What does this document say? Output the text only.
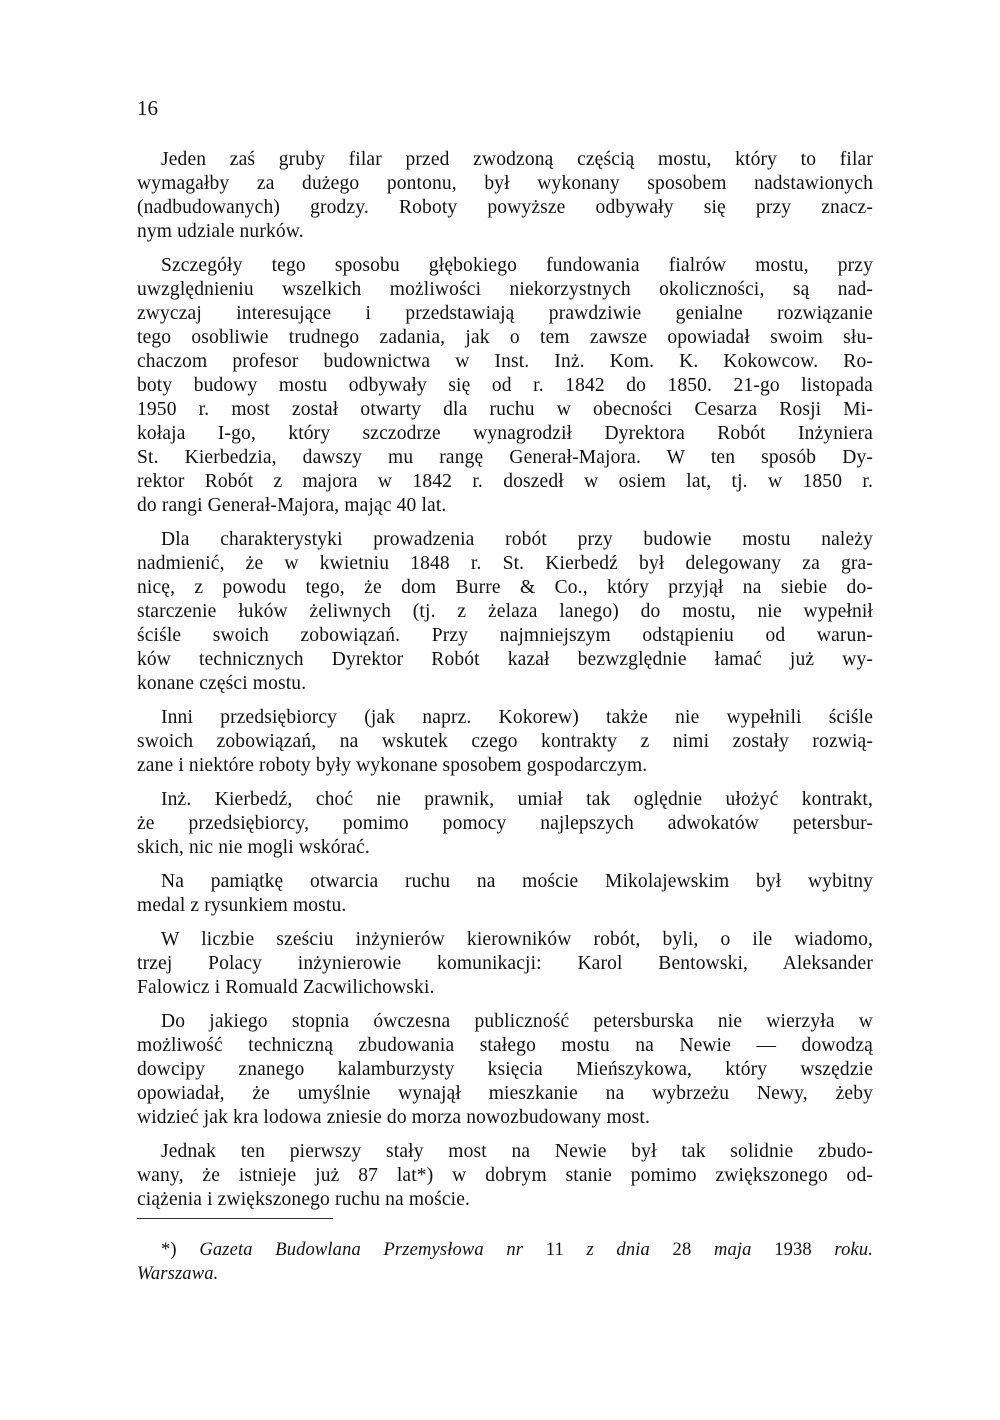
16
Jeden zaś gruby filar przed zwodzoną częścią mostu, który to filar
wymagałby za dużego pontonu, był wykonany sposobem nadstawionych
(nadbudowanych) grodzy. Roboty powyższe odbywały się przy znacz-
nym udziale nurków.
Szczegóły tego sposobu głębokiego fundowania fialrów mostu, przy
uwzględnieniu wszelkich możliwości niekorzystnych okoliczności, są nad-
zwyczaj interesujące i przedstawiają prawdziwie genialne rozwiązanie
tego osobliwie trudnego zadania, jak o tem zawsze opowiadał swoim słu-
chaczom profesor budownictwa w Inst. Inż. Kom. K. Kokowcow. Ro-
boty budowy mostu odbywały się od r. 1842 do 1850. 21-go listopada
1950 r. most został otwarty dla ruchu w obecności Cesarza Rosji Mi-
kołaja I-go, który szczodrze wynagrodził Dyrektora Robót Inżyniera
St. Kierbedzia, dawszy mu rangę Generał-Majora. W ten sposób Dy-
rektor Robót z majora w 1842 r. doszedł w osiem lat, tj. w 1850 r.
do rangi Generał-Majora, mając 40 lat.
Dla charakterystyki prowadzenia robót przy budowie mostu należy
nadmienić, że w kwietniu 1848 r. St. Kierbedź był delegowany za gra-
nicę, z powodu tego, że dom Burre & Co., który przyjął na siebie do-
starczenie łuków żeliwnych (tj. z żelaza lanego) do mostu, nie wypełnił
ściśle swoich zobowiązań. Przy najmniejszym odstąpieniu od warun-
ków technicznych Dyrektor Robót kazał bezwzględnie łamać już wy-
konane części mostu.
Inni przedsiębiorcy (jak naprz. Kokorew) także nie wypełnili ściśle
swoich zobowiązań, na wskutek czego kontrakty z nimi zostały rozwią-
zane i niektóre roboty były wykonane sposobem gospodarczym.
Inż. Kierbedź, choć nie prawnik, umiał tak oględnie ułożyć kontrakt,
że przedsiębiorcy, pomimo pomocy najlepszych adwokatów petersbur-
skich, nic nie mogli wskórać.
Na pamiątkę otwarcia ruchu na moście Mikolajewskim był wybitny
medal z rysunkiem mostu.
W liczbie sześciu inżynierów kierowników robót, byli, o ile wiadomo,
trzej Polacy inżynierowie komunikacji: Karol Bentowski, Aleksander
Falowicz i Romuald Zacwilichowski.
Do jakiego stopnia ówczesna publiczność petersburska nie wierzyła w
możliwość techniczną zbudowania stałego mostu na Newie — dowodzą
dowcipy znanego kalamburzysty księcia Mieńszykowa, który wszędzie
opowiadał, że umyślnie wynajął mieszkanie na wybrzeżu Newy, żeby
widzieć jak kra lodowa zniesie do morza nowozbudowany most.
Jednak ten pierwszy stały most na Newie był tak solidnie zbudo-
wany, że istnieje już 87 lat*) w dobrym stanie pomimo zwiększonego od-
ciążenia i zwiększonego ruchu na moście.
*) Gazeta Budowlana Przemysłowa nr 11 z dnia 28 maja 1938 roku.
Warszawa.
